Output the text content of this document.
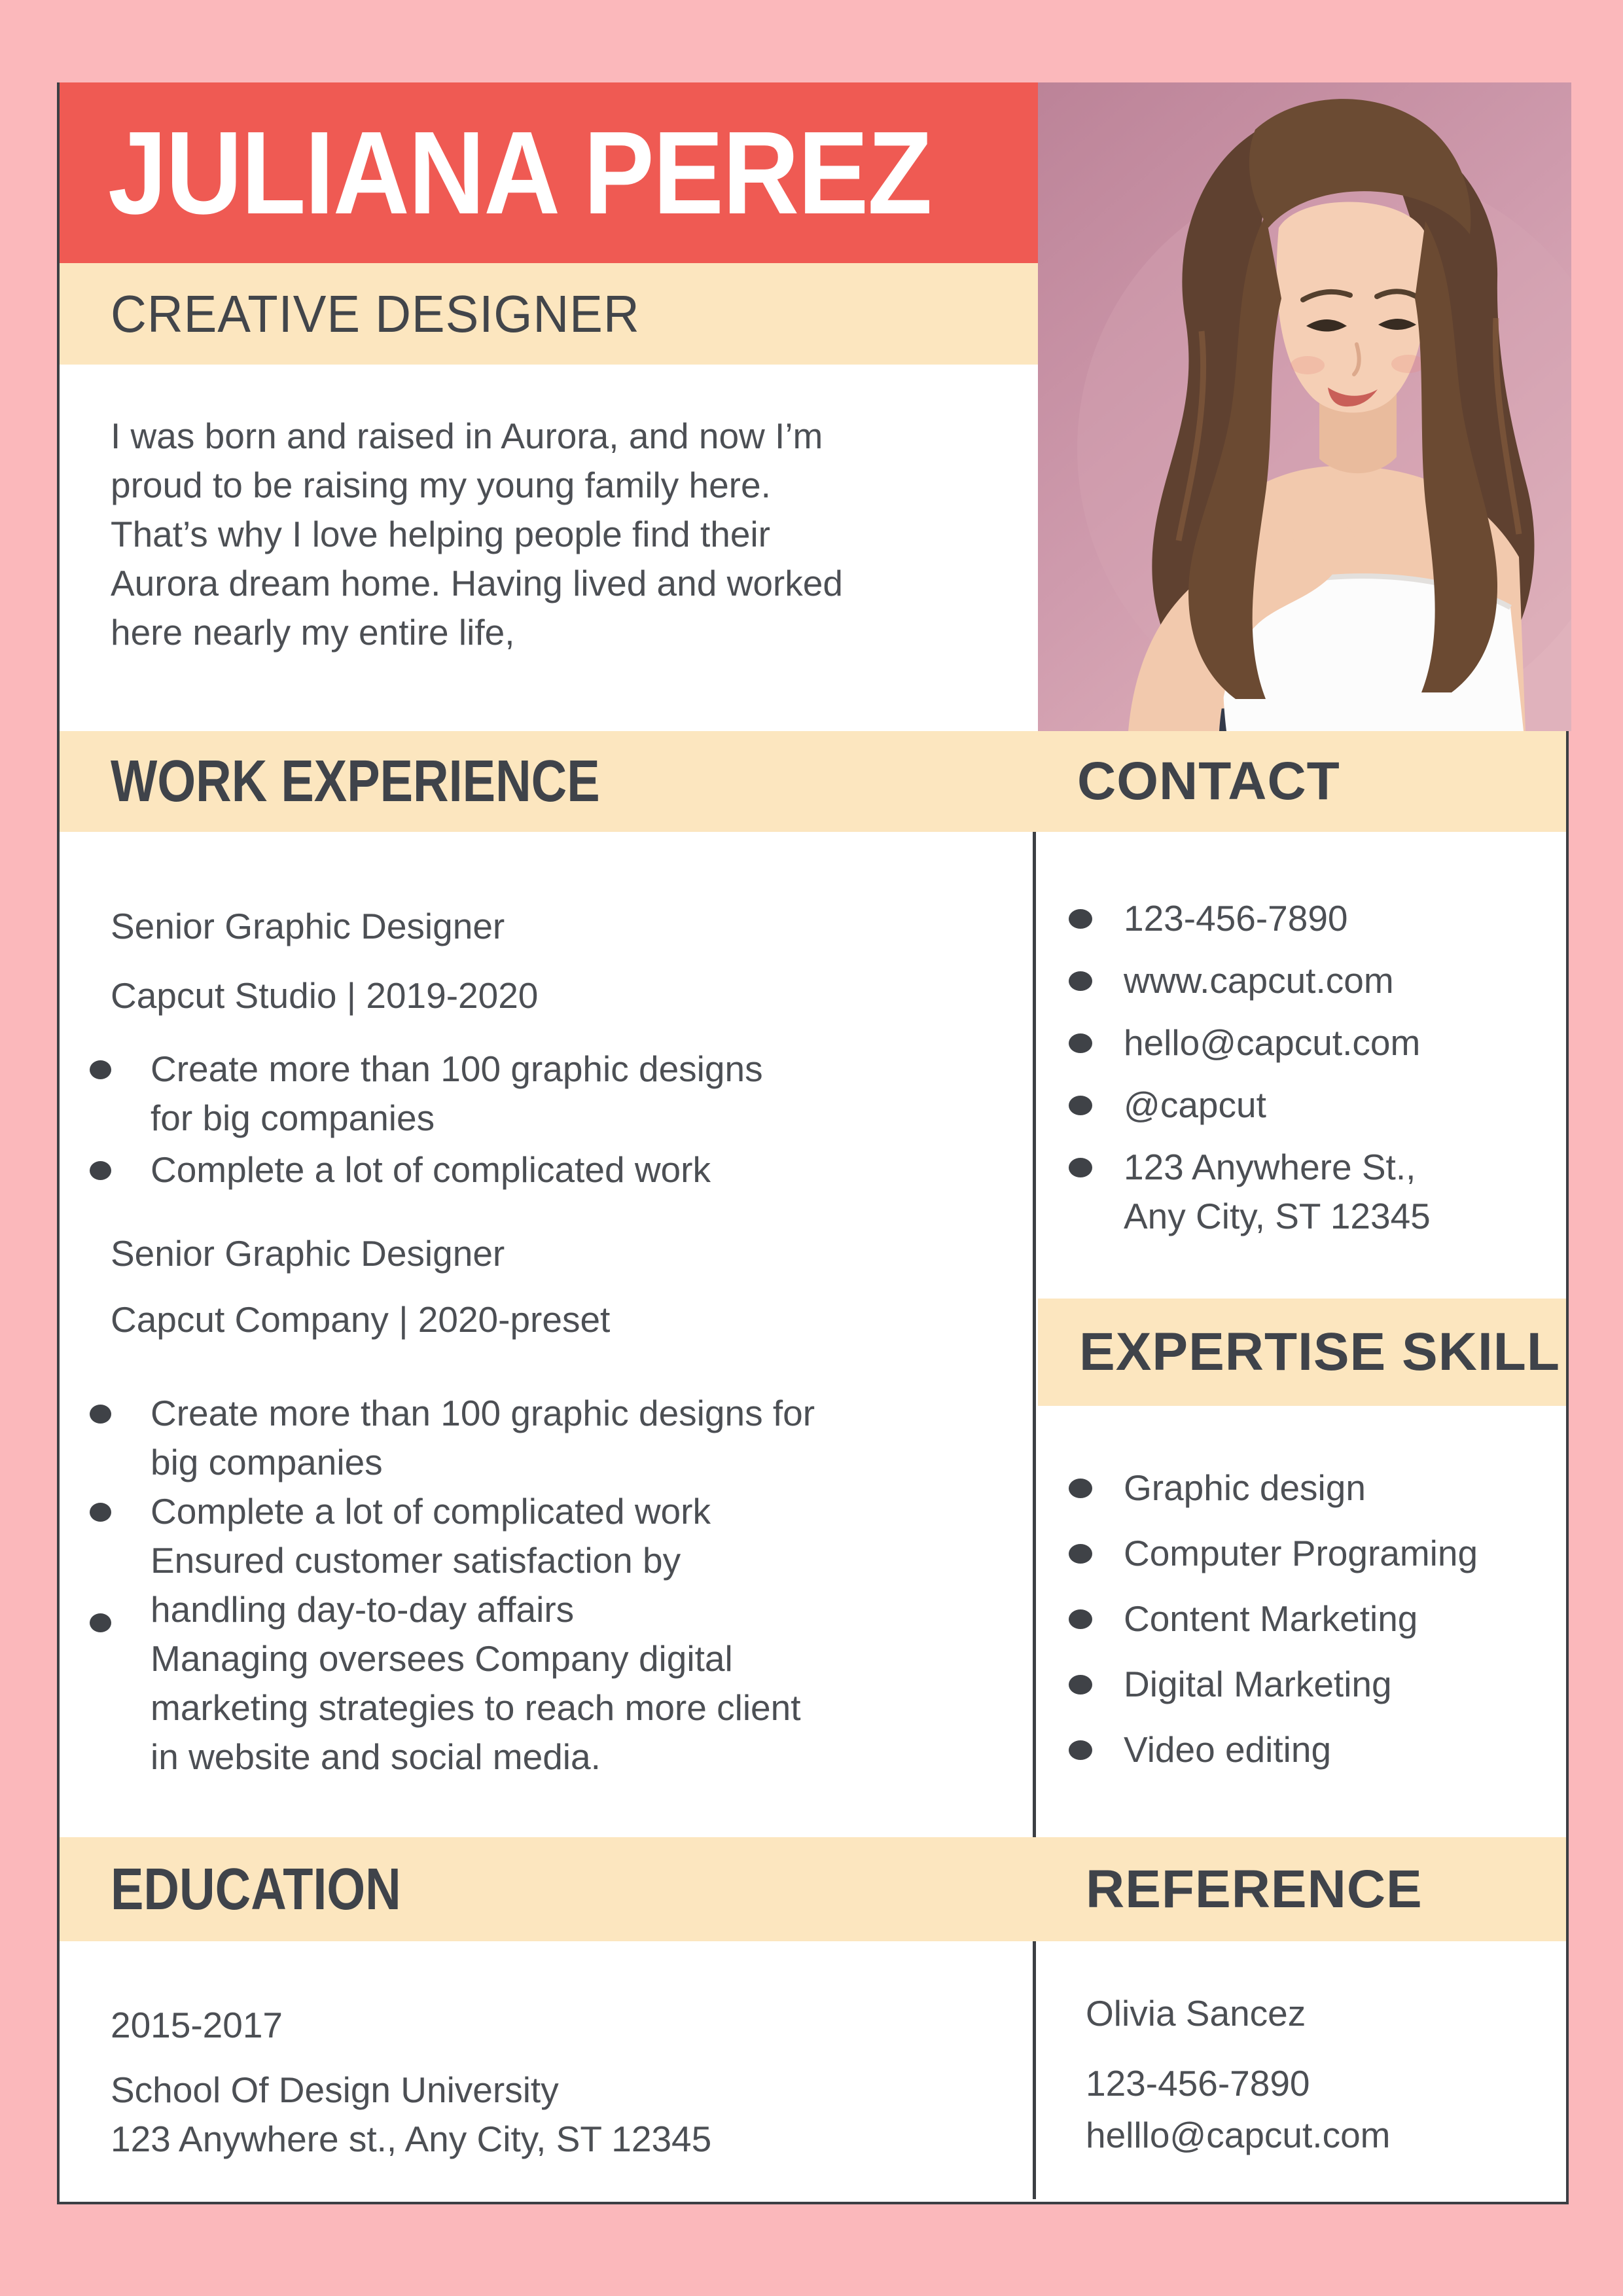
JULIANA PEREZ
CREATIVE DESIGNER
I was born and raised in Aurora, and now I’m
proud to be raising my young family here.
That’s why I love helping people find their
Aurora dream home. Having lived and worked
here nearly my entire life,
WORK EXPERIENCE	CONTACT
Senior Graphic Designer
Capcut Studio | 2019-2020
Create more than 100 graphic designs
for big companies
Complete a lot of complicated work
Senior Graphic Designer
Capcut Company | 2020-preset
Create more than 100 graphic designs for
big companies
Complete a lot of complicated work
Ensured customer satisfaction by
handling day-to-day affairs
Managing oversees Company digital
marketing strategies to reach more client
in website and social media.
123-456-7890
www.capcut.com
hello@capcut.com
@capcut
123 Anywhere St.,
Any City, ST 12345
EXPERTISE SKILL
Graphic design
Computer Programing
Content Marketing
Digital Marketing
Video editing
EDUCATION	REFERENCE
2015-2017
School Of Design University
123 Anywhere st., Any City, ST 12345
Olivia Sancez
123-456-7890
helllo@capcut.com
